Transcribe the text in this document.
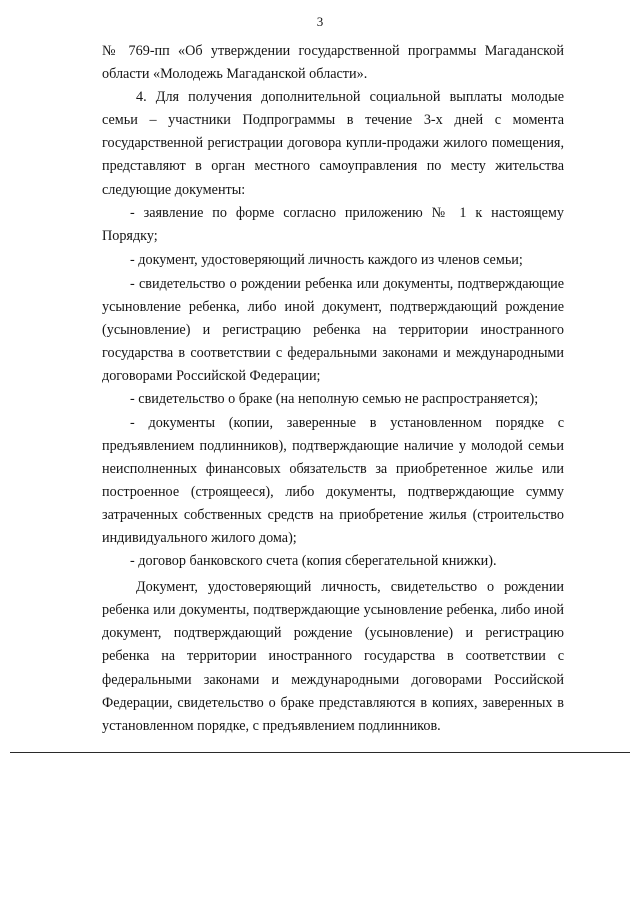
3

№ 769-пп «Об утверждении государственной программы Магаданской области «Молодежь Магаданской области».

4. Для получения дополнительной социальной выплаты молодые семьи – участники Подпрограммы в течение 3-х дней с момента государственной регистрации договора купли-продажи жилого помещения, представляют в орган местного самоуправления по месту жительства следующие документы:

- заявление по форме согласно приложению № 1 к настоящему Порядку;

- документ, удостоверяющий личность каждого из членов семьи;

- свидетельство о рождении ребенка или документы, подтверждающие усыновление ребенка, либо иной документ, подтверждающий рождение (усыновление) и регистрацию ребенка на территории иностранного государства в соответствии с федеральными законами и международными договорами Российской Федерации;

- свидетельство о браке (на неполную семью не распространяется);

- документы (копии, заверенные в установленном порядке с предъявлением подлинников), подтверждающие наличие у молодой семьи неисполненных финансовых обязательств за приобретенное жилье или построенное (строящееся), либо документы, подтверждающие сумму затраченных собственных средств на приобретение жилья (строительство индивидуального жилого дома);

- договор банковского счета (копия сберегательной книжки).

Документ, удостоверяющий личность, свидетельство о рождении ребенка или документы, подтверждающие усыновление ребенка, либо иной документ, подтверждающий рождение (усыновление) и регистрацию ребенка на территории иностранного государства в соответствии с федеральными законами и международными договорами Российской Федерации, свидетельство о браке представляются в копиях, заверенных в установленном порядке, с предъявлением подлинников.
